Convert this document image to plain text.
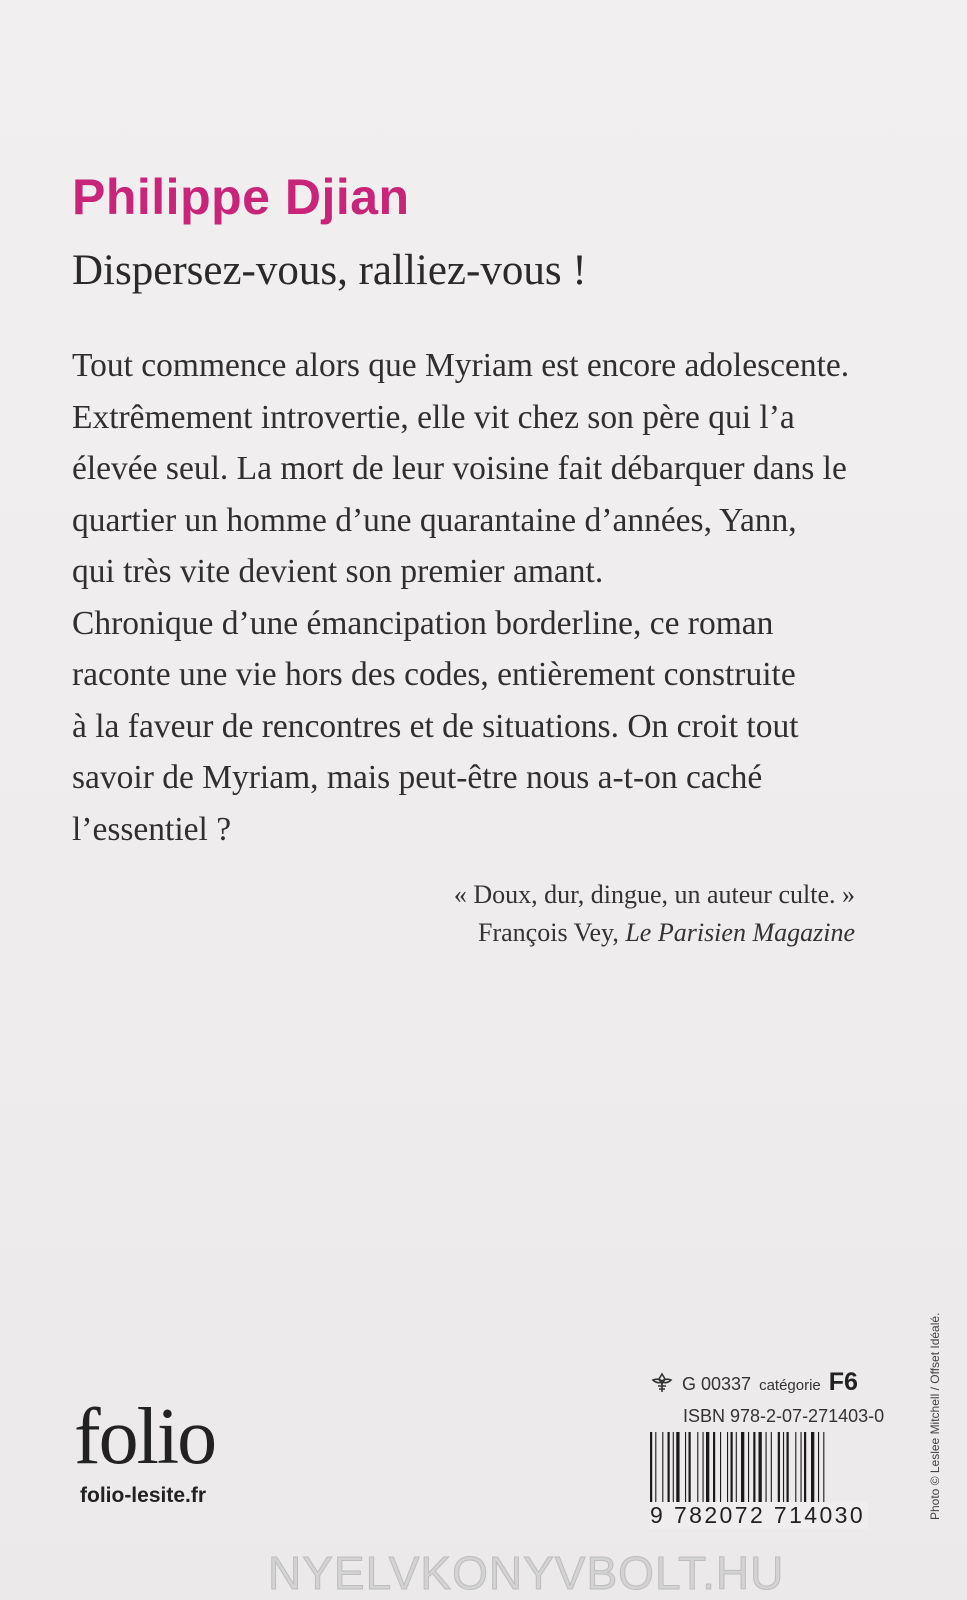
Philippe Djian
Dispersez-vous, ralliez-vous !

Tout commence alors que Myriam est encore adolescente.
Extrêmement introvertie, elle vit chez son père qui l’a
élevée seul. La mort de leur voisine fait débarquer dans le
quartier un homme d’une quarantaine d’années, Yann,
qui très vite devient son premier amant.
Chronique d’une émancipation borderline, ce roman
raconte une vie hors des codes, entièrement construite
à la faveur de rencontres et de situations. On croit tout
savoir de Myriam, mais peut-être nous a-t-on caché
l’essentiel ?

« Doux, dur, dingue, un auteur culte. »
François Vey, Le Parisien Magazine
folio
folio-lesite.fr
G 00337 catégorie F6
ISBN 978-2-07-271403-0
9 782072 714030	Photo © Leslee Mitchell / Offset Idéalé.
NYELVKONYVBOLT.HU
